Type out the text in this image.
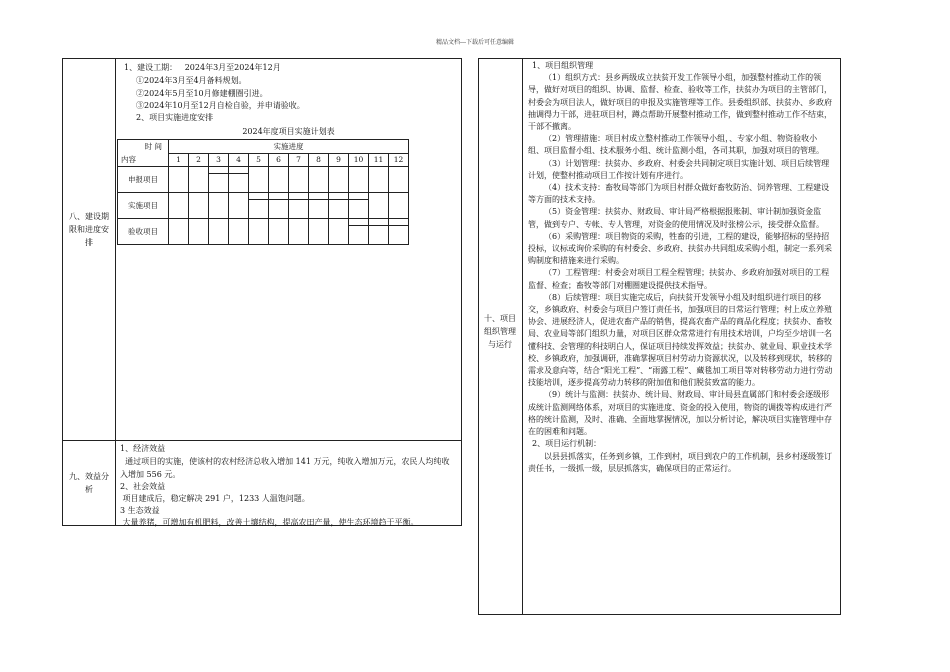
精品文档---下载后可任意编辑
八、建设期限和进度安排
1、建设工期：   2024年3月至2024年12月
①2024年3月至4月备料规划。
②2024年5月至10月修建棚圈引进。
③2024年10月至12月自检自验，并申请验收。
2、项目实施进度安排
2024年度项目实施计划表
时 间
内容	实施进度											
	1	2	3	4	5	6	7	8	9	10	11	12
申报项目			

实施项目					

验收项目										

九、效益分析
1、经济效益
通过项目的实施，使该村的农村经济总收入增加 141 万元，纯收入增加万元，农民人均纯收入增加 556 元。
2、社会效益
项目建成后，稳定解决 291 户，1233 人温饱问题。
3 生态效益
大量养猪，可增加有机肥料，改善土壤结构，提高农田产量，使生态环境趋于平衡。
十、项目组织管理与运行

1、项目组织管理

（1）组织方式：县乡两级成立扶贫开发工作领导小组，加强整村推动工作的领导，做好对项目的组织、协调、监督、检查、验收等工作，扶贫办为项目的主管部门，村委会为项目法人，做好项目的申报及实施管理等工作。县委组织部、扶贫办、乡政府抽调得力干部，进驻项目村，蹲点帮助开展整村推动工作，做到整村推动工作不结束，干部不撤离。

（2）管理措施：项目村成立整村推动工作领导小组，、专家小组、物资验收小组、项目监督小组、技术服务小组、统计监测小组，各司其职，加强对项目的管理。

（3）计划管理：扶贫办、乡政府、村委会共同制定项目实施计划、项目后续管理计划，使整村推动项目工作按计划有序进行。

（4）技术支持：畜牧局等部门为项目村群众做好畜牧防治、饲养管理、工程建设等方面的技术支持。

（5）资金管理：扶贫办、财政局、审计局严格根据报账制、审计制加强资金监管，做到专户、专帐、专人管理，对资金的使用情况及时张榜公示，接受群众监督。

（6）采购管理：项目物资的采购，牲畜的引进，工程的建设，能够招标的坚持招投标，议标或询价采购的有村委会、乡政府、扶贫办共同组成采购小组，制定一系列采购制度和措施来进行采购。

（7）工程管理：村委会对项目工程全程管理；扶贫办、乡政府加强对项目的工程监督、检查；畜牧等部门对棚圈建设提供技术指导。

（8）后续管理：项目实施完成后，向扶贫开发领导小组及时组织进行项目的移交，乡镇政府、村委会与项目户签订责任书，加强项目的日常运行管理；村上成立养殖协会、进展经济人，促进农畜产品的销售，提高农畜产品的商品化程度；扶贫办、畜牧局、农业局等部门组织力量，对项目区群众常常进行有用技术培训，户均至少培训一名懂科技、会管理的科技明白人，保证项目持续发挥效益；扶贫办、就业局、职业技术学校、乡镇政府，加强调研，准确掌握项目村劳动力资源状况，以及转移到现状，转移的需求及意向等，结合“阳光工程”、“雨露工程”、藏毯加工项目等对转移劳动力进行劳动技能培训，逐步提高劳动力转移的附加值和他们脱贫致富的能力。

（9）统计与监测：扶贫办、统计局、财政局、审计局县直属部门和村委会逐级形成统计监测网络体系，对项目的实施进度、资金的投入使用，物资的调拨等构成进行严格的统计监测，及时、准确、全面地掌握情况，加以分析讨论，解决项目实施管理中存在的困难和问题。

2、项目运行机制：

以县县抓落实，任务到乡镇，工作到村，项目到农户的工作机制，县乡村逐级签订责任书，一级抓一级，层层抓落实，确保项目的正常运行。
